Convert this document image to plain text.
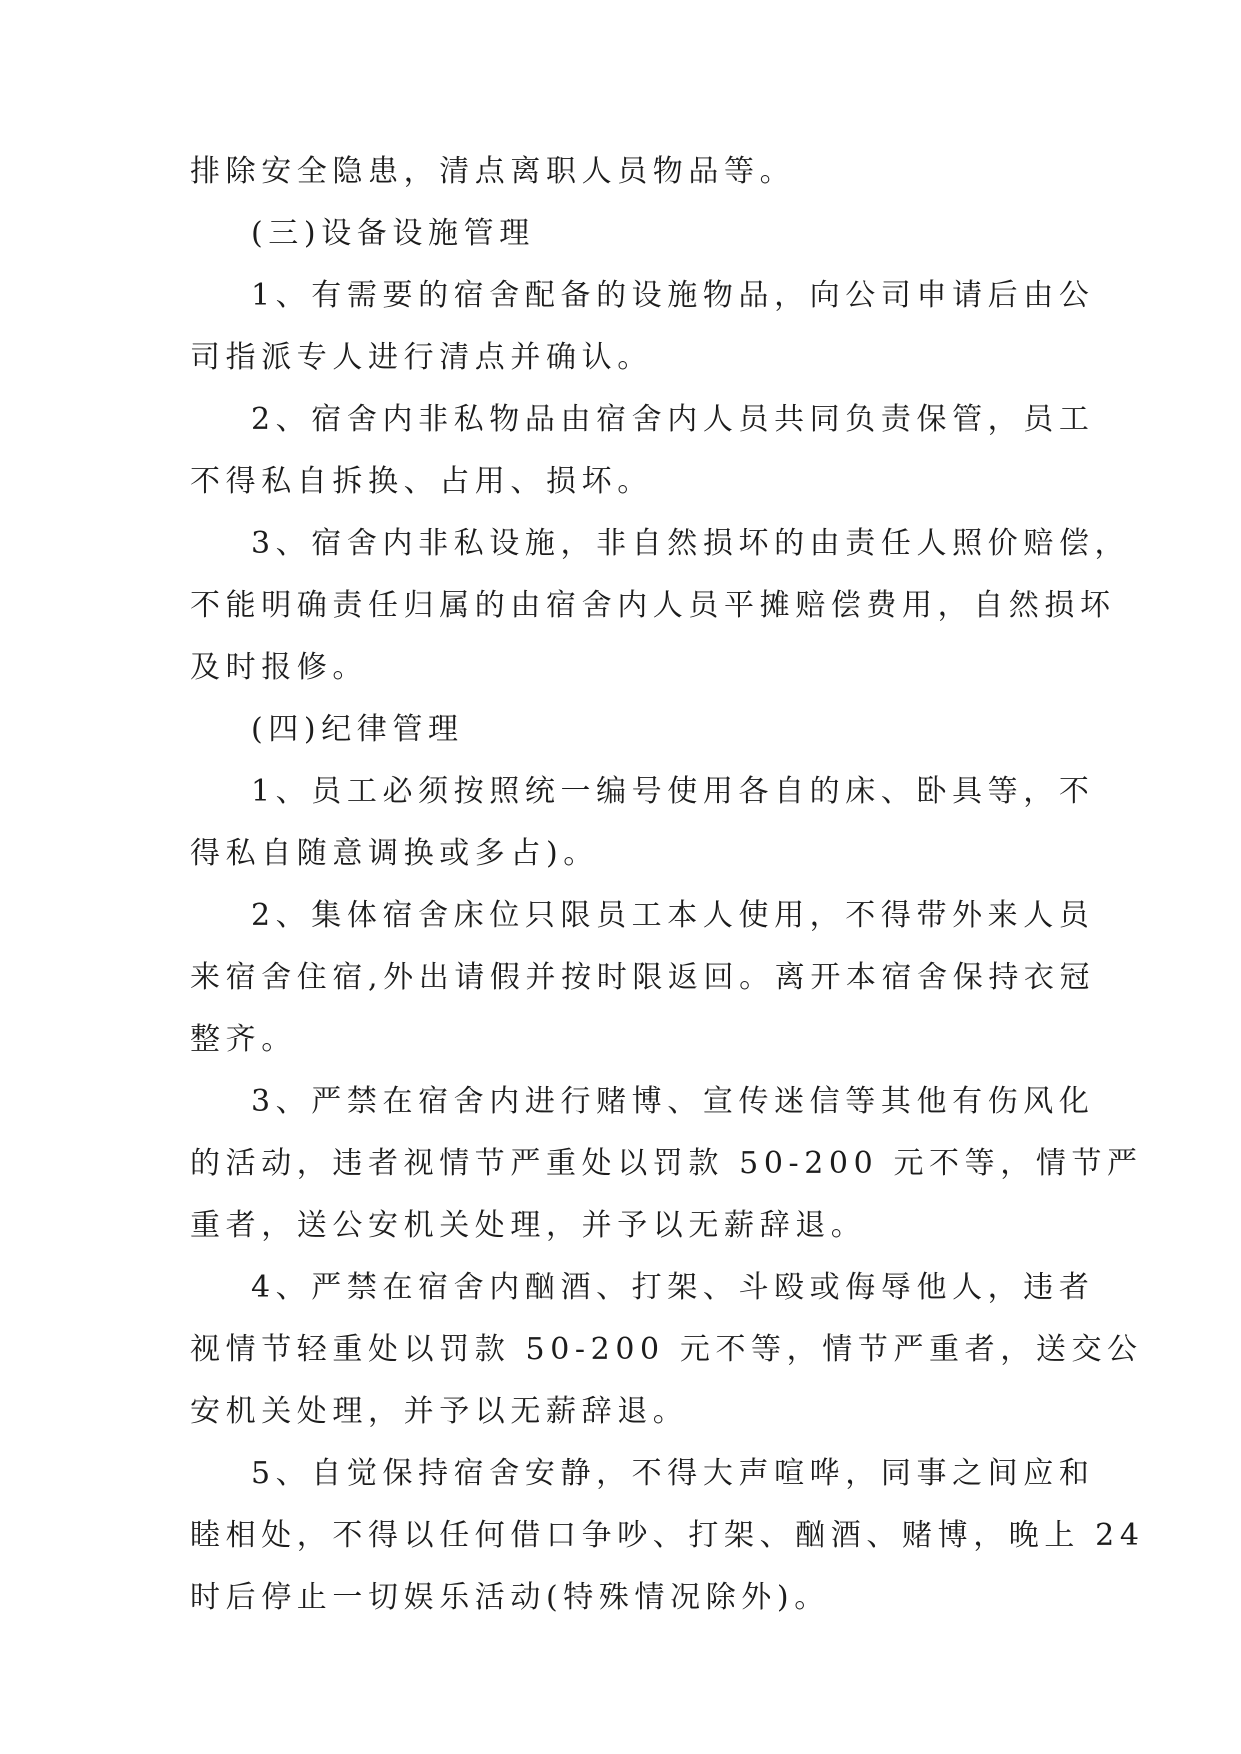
排除安全隐患，清点离职人员物品等。
(三)设备设施管理
1、有需要的宿舍配备的设施物品，向公司申请后由公
司指派专人进行清点并确认。
2、宿舍内非私物品由宿舍内人员共同负责保管，员工
不得私自拆换、占用、损坏。
3、宿舍内非私设施，非自然损坏的由责任人照价赔偿，
不能明确责任归属的由宿舍内人员平摊赔偿费用，自然损坏
及时报修。
(四)纪律管理
1、员工必须按照统一编号使用各自的床、卧具等，不
得私自随意调换或多占)。
2、集体宿舍床位只限员工本人使用，不得带外来人员
来宿舍住宿,外出请假并按时限返回。离开本宿舍保持衣冠
整齐。
3、严禁在宿舍内进行赌博、宣传迷信等其他有伤风化
的活动，违者视情节严重处以罚款 50-200 元不等，情节严
重者，送公安机关处理，并予以无薪辞退。
4、严禁在宿舍内酗酒、打架、斗殴或侮辱他人，违者
视情节轻重处以罚款 50-200 元不等，情节严重者，送交公
安机关处理，并予以无薪辞退。
5、自觉保持宿舍安静，不得大声喧哗，同事之间应和
睦相处，不得以任何借口争吵、打架、酗酒、赌博，晚上 24
时后停止一切娱乐活动(特殊情况除外)。
